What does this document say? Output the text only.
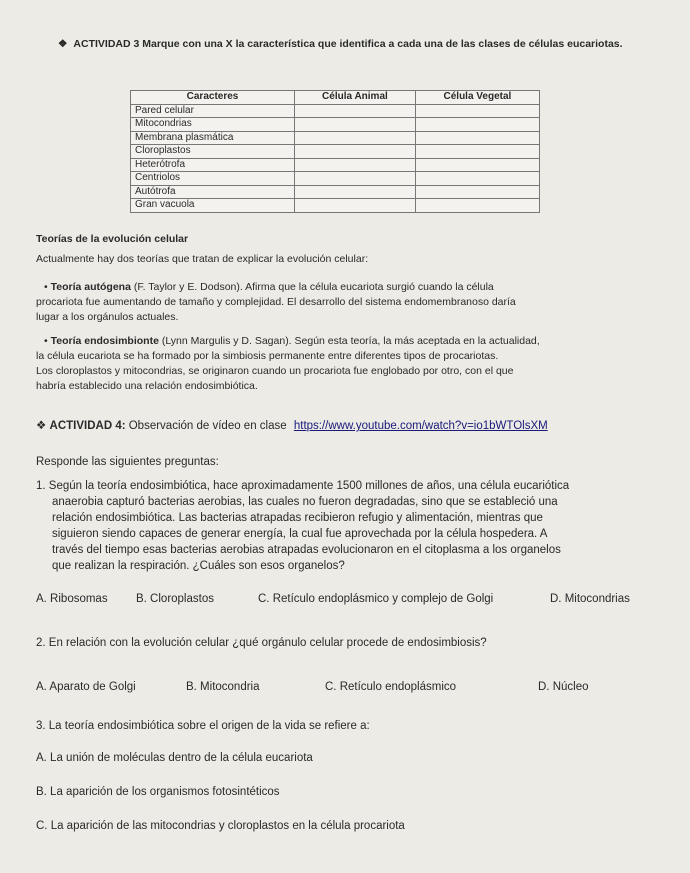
❖ ACTIVIDAD 3 Marque con una X la característica que identifica a cada una de las clases de células eucariotas.
Caracteres	Célula Animal	Célula Vegetal
Pared celular		
Mitocondrias		
Membrana plasmática		
Cloroplastos		
Heterótrofa		
Centriolos		
Autótrofa		
Gran vacuola		
Teorías de la evolución celular
Actualmente hay dos teorías que tratan de explicar la evolución celular:
• Teoría autógena (F. Taylor y E. Dodson). Afirma que la célula eucariota surgió cuando la célula
procariota fue aumentando de tamaño y complejidad. El desarrollo del sistema endomembranoso daría
lugar a los orgánulos actuales.
• Teoría endosimbionte (Lynn Margulis y D. Sagan). Según esta teoría, la más aceptada en la actualidad,
la célula eucariota se ha formado por la simbiosis permanente entre diferentes tipos de procariotas.
Los cloroplastos y mitocondrias, se originaron cuando un procariota fue englobado por otro, con el que
habría establecido una relación endosimbiótica.
❖ ACTIVIDAD 4: Observación de vídeo en clase https://www.youtube.com/watch?v=io1bWTOlsXM
Responde las siguientes preguntas:
1. Según la teoría endosimbiótica, hace aproximadamente 1500 millones de años, una célula eucariótica
anaerobia capturó bacterias aerobias, las cuales no fueron degradadas, sino que se estableció una
relación endosimbiótica. Las bacterias atrapadas recibieron refugio y alimentación, mientras que
siguieron siendo capaces de generar energía, la cual fue aprovechada por la célula hospedera. A
través del tiempo esas bacterias aerobias atrapadas evolucionaron en el citoplasma a los organelos
que realizan la respiración. ¿Cuáles son esos organelos?
A. Ribosomas B. Cloroplastos	C. Retículo endoplásmico y complejo de Golgi	D. Mitocondrias
2. En relación con la evolución celular ¿qué orgánulo celular procede de endosimbiosis?
A. Aparato de Golgi	B. Mitocondria	C. Retículo endoplásmico	D. Núcleo
3. La teoría endosimbiótica sobre el origen de la vida se refiere a:
A. La unión de moléculas dentro de la célula eucariota
B. La aparición de los organismos fotosintéticos
C. La aparición de las mitocondrias y cloroplastos en la célula procariota
